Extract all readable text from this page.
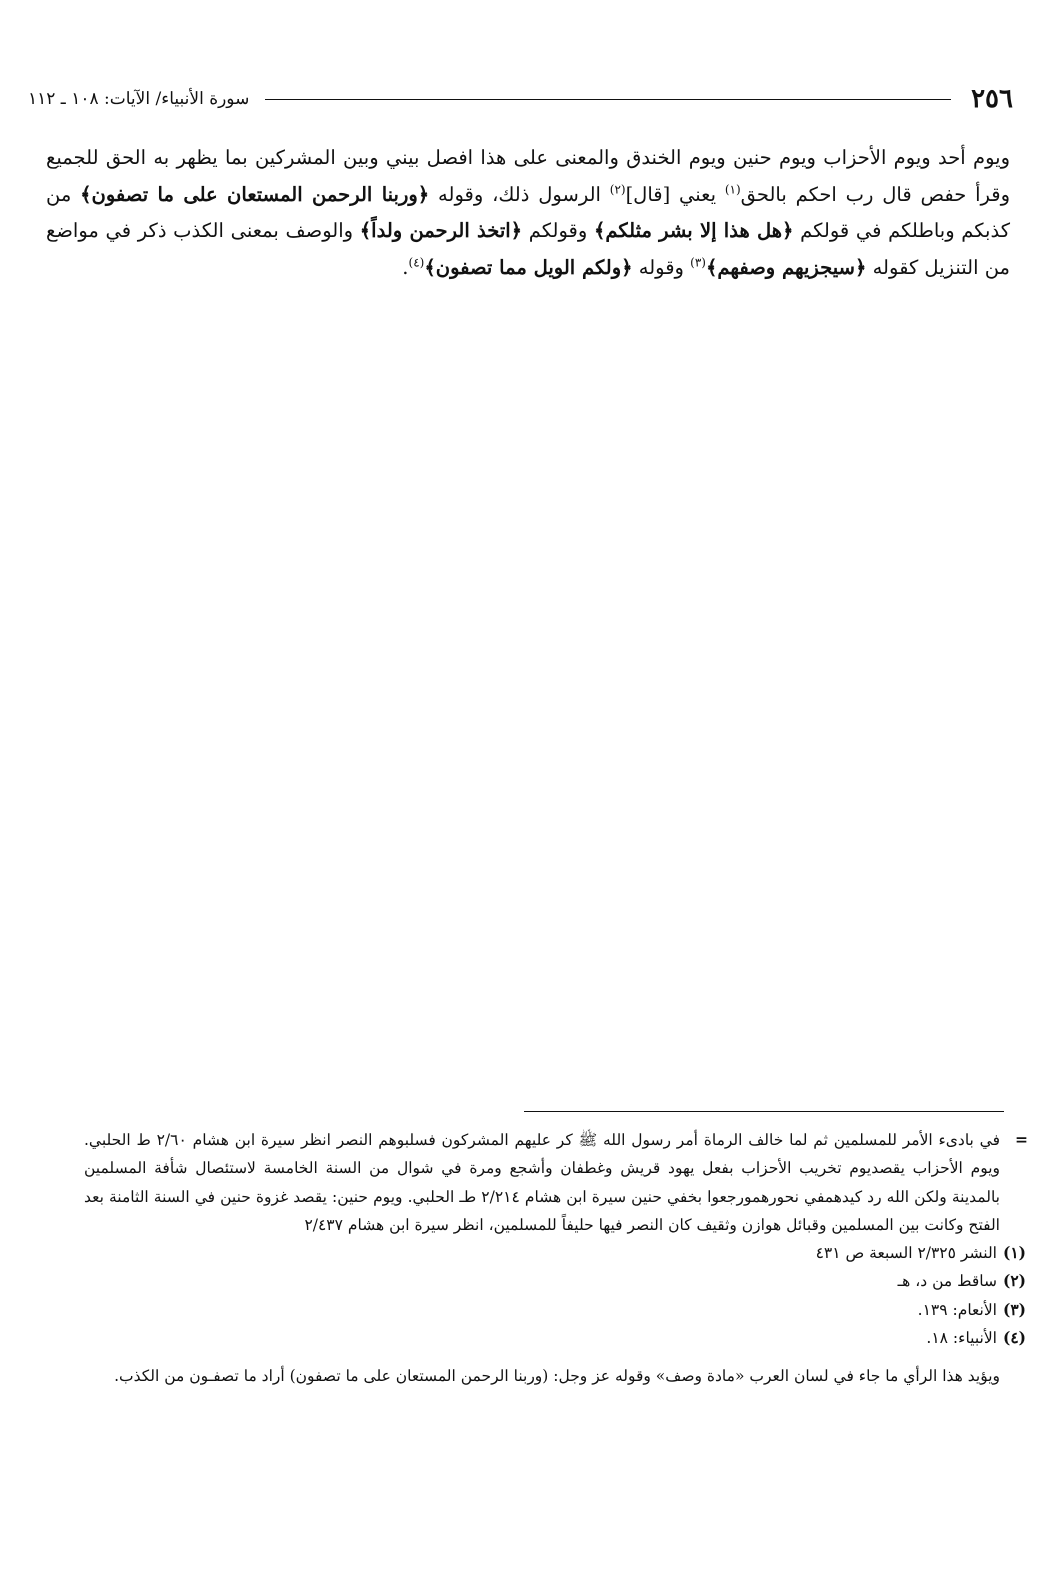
٢٥٦
سورة الأنبياء/ الآيات: ١٠٨ ـ ١١٢
ويوم أحد ويوم الأحزاب ويوم حنين ويوم الخندق والمعنى على هذا افصل بيني وبين المشركين بما يظهر به الحق للجميع وقرأ حفص قال رب احكم بالحق$^{(١)}$ يعني [قال]$^{(٢)}$ الرسول ذلك، وقوله ﴿وربنا الرحمن المستعان على ما تصفون﴾ من كذبكم وباطلكم في قولكم ﴿هل هذا إلا بشر مثلكم﴾ وقولكم ﴿اتخذ الرحمن ولداً﴾ والوصف بمعنى الكذب ذكر في مواضع من التنزيل كقوله ﴿سيجزيهم وصفهم﴾$^{(٣)}$ وقوله ﴿ولكم الويل مما تصفون﴾$^{(٤)}$.
=
في بادىء الأمر للمسلمين ثم لما خالف الرماة أمر رسول الله ﷺ كر عليهم المشركون فسلبوهم النصر انظر سيرة ابن هشام ٢/٦٠ ط الحلبي. ويوم الأحزاب يقصديوم تخريب الأحزاب بفعل يهود قريش وغطفان وأشجع ومرة في شوال من السنة الخامسة لاستئصال شأفة المسلمين بالمدينة ولكن الله رد كيدهمفي نحورهمورجعوا بخفي حنين سيرة ابن هشام ٢/٢١٤ طـ الحلبي. ويوم حنين: يقصد غزوة حنين في السنة الثامنة بعد الفتح وكانت بين المسلمين وقبائل هوازن وثقيف كان النصر فيها حليفاً للمسلمين، انظر سيرة ابن هشام ٢/٤٣٧
(١)
النشر ٢/٣٢٥ السبعة ص ٤٣١
(٢)
ساقط من د، هـ
(٣)
الأنعام: ١٣٩.
(٤)
الأنبياء: ١٨.
ويؤيد هذا الرأي ما جاء في لسان العرب «مادة وصف» وقوله عز وجل: (وربنا الرحمن المستعان على ما تصفون) أراد ما تصفـون من الكذب.
